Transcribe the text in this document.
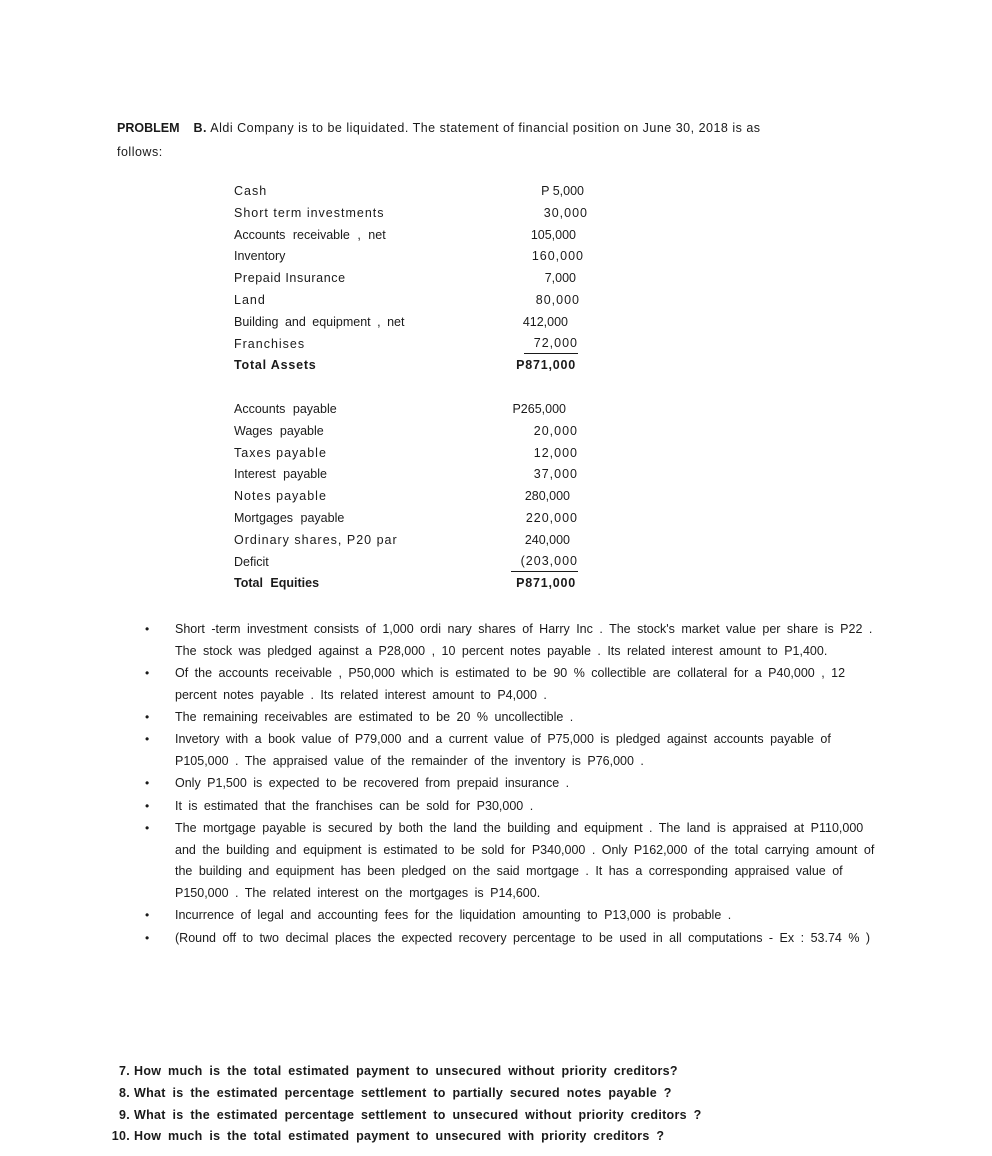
PROBLEM B. Aldi Company is to be liquidated. The statement of financial position on June 30, 2018 is as
follows:
Cash	P 5,000
Short term investments	30,000
Accounts receivable , net	105,000
Inventory	160,000
Prepaid Insurance	7,000
Land	80,000
Building and equipment , net	412,000
Franchises	72,000
Total Assets	P871,000
Accounts payable	P265,000
Wages payable	20,000
Taxes payable	12,000
Interest payable	37,000
Notes payable	280,000
Mortgages payable	220,000
Ordinary shares, P20 par	240,000
Deficit	(203,000
Total Equities	P871,000
• Short -term investment consists of 1,000 ordi nary shares of Harry Inc . The stock's market value per share is P22 . The stock was pledged against a P28,000 , 10 percent notes payable . Its related interest amount to P1,400.
• Of the accounts receivable , P50,000 which is estimated to be 90 % collectible are collateral for a P40,000 , 12 percent notes payable . Its related interest amount to P4,000 .
• The remaining receivables are estimated to be 20 % uncollectible .
• Invetory with a book value of P79,000 and a current value of P75,000 is pledged against accounts payable of P105,000 . The appraised value of the remainder of the inventory is P76,000 .
• Only P1,500 is expected to be recovered from prepaid insurance .
• It is estimated that the franchises can be sold for P30,000 .
• The mortgage payable is secured by both the land the building and equipment . The land is appraised at P110,000 and the building and equipment is estimated to be sold for P340,000 . Only P162,000 of the total carrying amount of the building and equipment has been pledged on the said mortgage . It has a corresponding appraised value of P150,000 . The related interest on the mortgages is P14,600.
• Incurrence of legal and accounting fees for the liquidation amounting to P13,000 is probable .
• (Round off to two decimal places the expected recovery percentage to be used in all computations - Ex : 53.74 % )
7. How much is the total estimated payment to unsecured without priority creditors?
8. What is the estimated percentage settlement to partially secured notes payable ?
9. What is the estimated percentage settlement to unsecured without priority creditors ?
10. How much is the total estimated payment to unsecured with priority creditors ?
